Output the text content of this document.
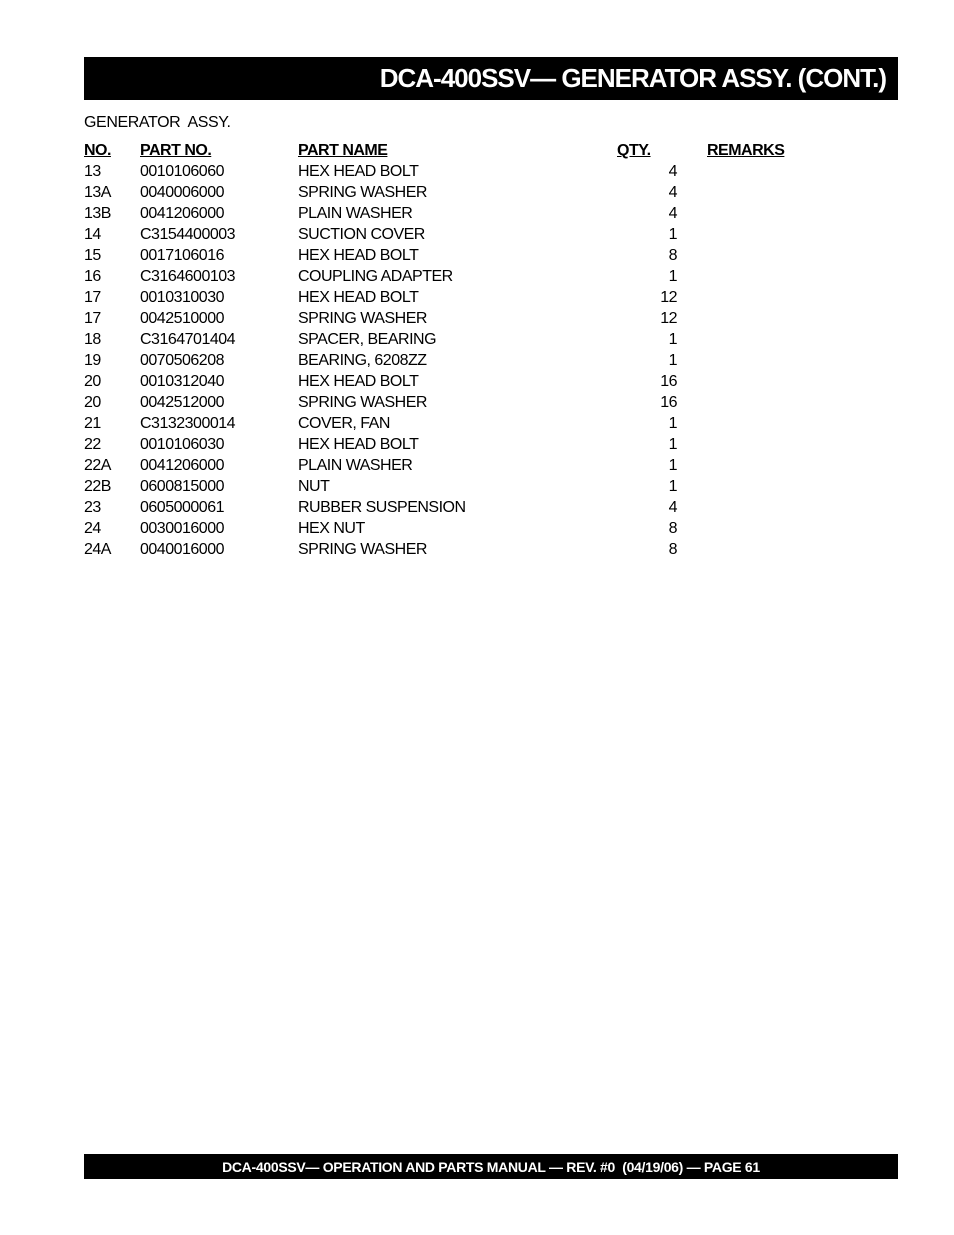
DCA-400SSV— GENERATOR ASSY. (CONT.)
GENERATOR  ASSY.
NO.	PART NO.	PART NAME	QTY.	REMARKS
13	0010106060	HEX HEAD BOLT	4	
13A	0040006000	SPRING WASHER	4	
13B	0041206000	PLAIN WASHER	4	
14	C3154400003	SUCTION COVER	1	
15	0017106016	HEX HEAD BOLT	8	
16	C3164600103	COUPLING ADAPTER	1	
17	0010310030	HEX HEAD BOLT	12	
17	0042510000	SPRING WASHER	12	
18	C3164701404	SPACER, BEARING	1	
19	0070506208	BEARING, 6208ZZ	1	
20	0010312040	HEX HEAD BOLT	16	
20	0042512000	SPRING WASHER	16	
21	C3132300014	COVER, FAN	1	
22	0010106030	HEX HEAD BOLT	1	
22A	0041206000	PLAIN WASHER	1	
22B	0600815000	NUT	1	
23	0605000061	RUBBER SUSPENSION	4	
24	0030016000	HEX NUT	8	
24A	0040016000	SPRING WASHER	8	
DCA-400SSV— OPERATION AND PARTS MANUAL — REV. #0  (04/19/06) — PAGE 61
